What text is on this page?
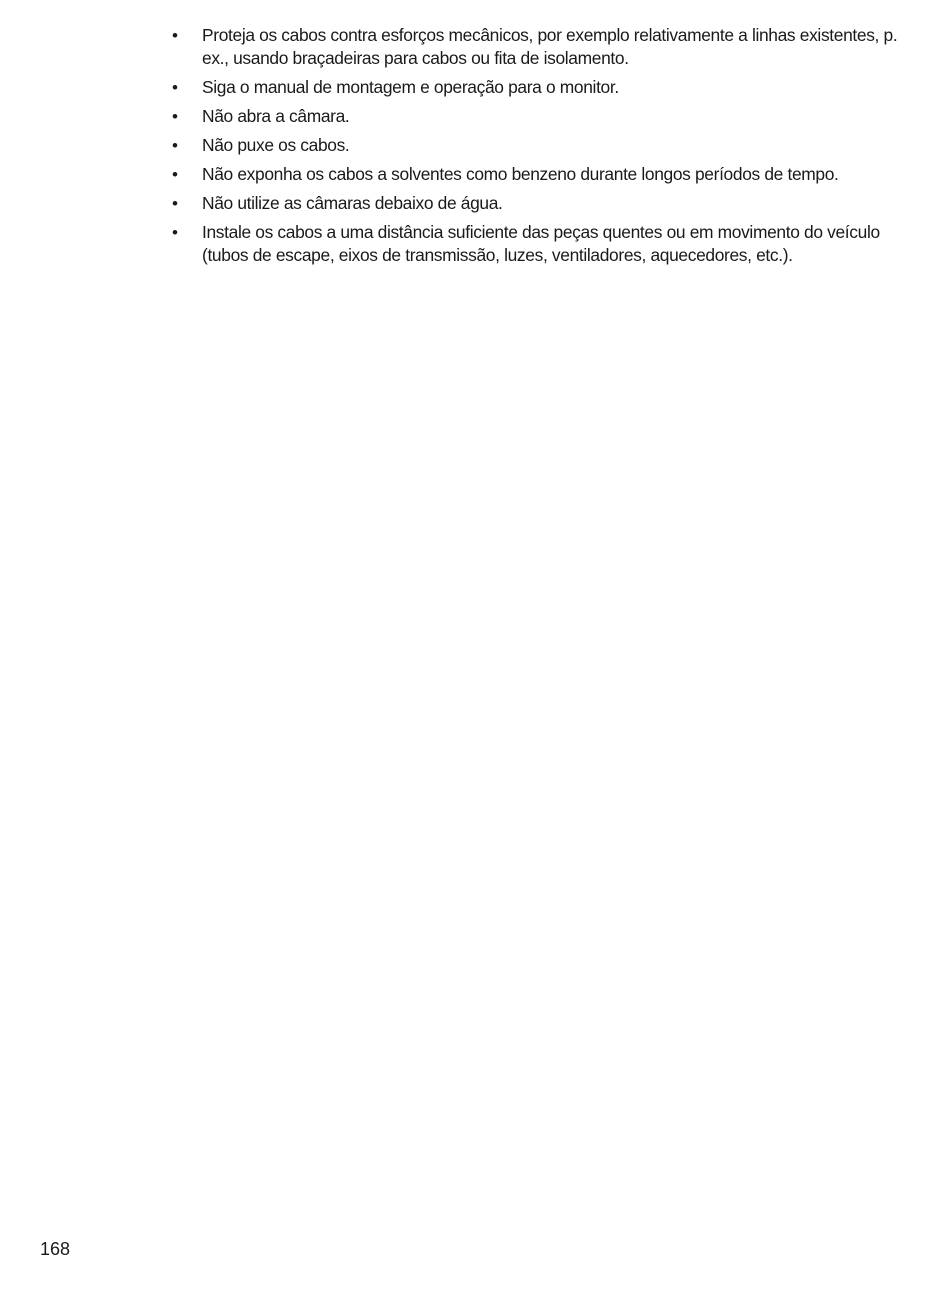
•	Proteja os cabos contra esforços mecânicos, por exemplo relativamente a linhas existentes, p. ex., usando braçadeiras para cabos ou fita de isolamento.
•	Siga o manual de montagem e operação para o monitor.
•	Não abra a câmara.
•	Não puxe os cabos.
•	Não exponha os cabos a solventes como benzeno durante longos períodos de tempo.
•	Não utilize as câmaras debaixo de água.
•	Instale os cabos a uma distância suficiente das peças quentes ou em movimento do veículo (tubos de escape, eixos de transmissão, luzes, ventiladores, aquecedores, etc.).
168
